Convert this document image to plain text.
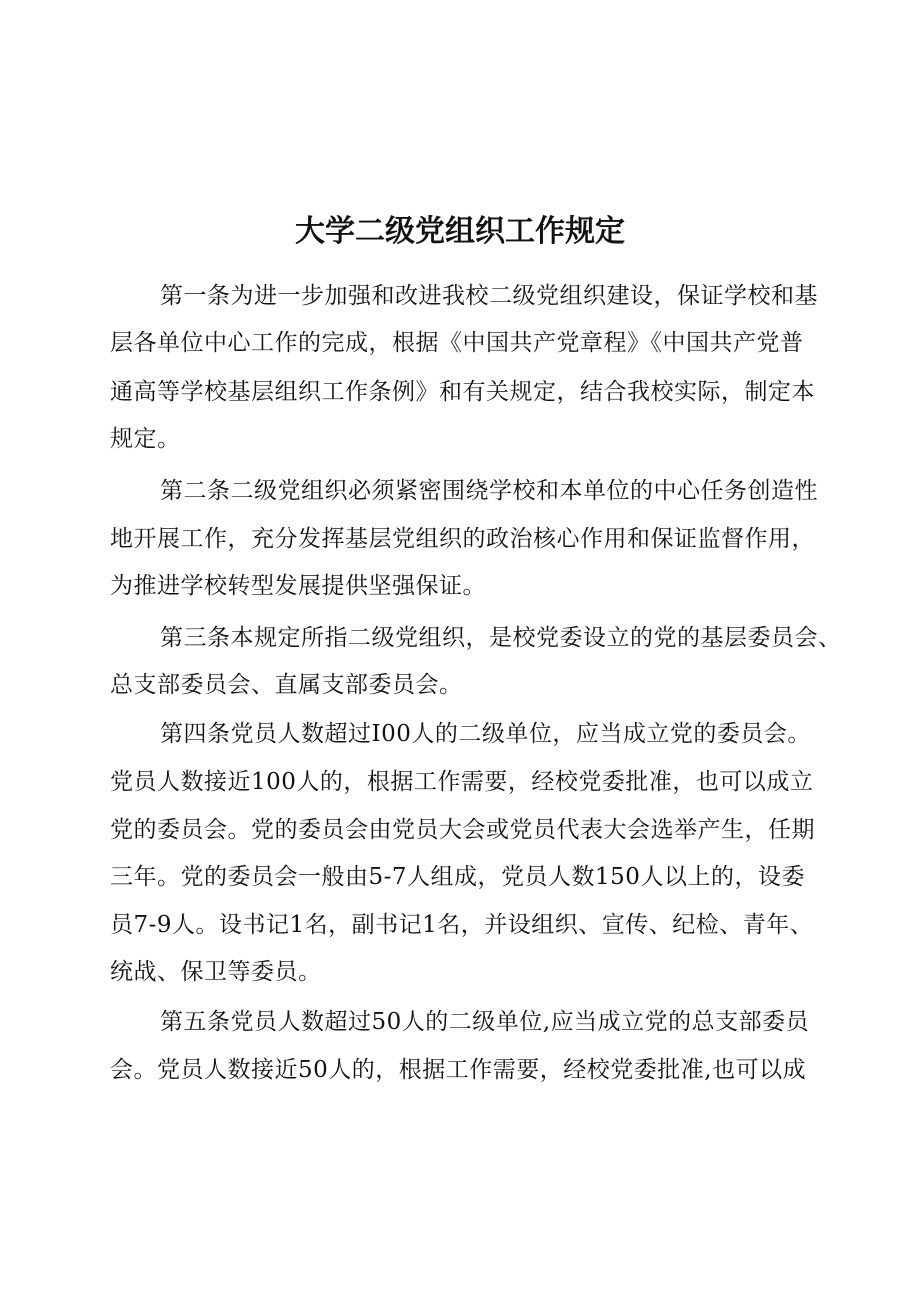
大学二级党组织工作规定
第一条为进一步加强和改进我校二级党组织建设，保证学校和基
层各单位中心工作的完成，根据《中国共产党章程》《中国共产党普
通高等学校基层组织工作条例》和有关规定，结合我校实际，制定本
规定。
第二条二级党组织必须紧密围绕学校和本单位的中心任务创造性
地开展工作，充分发挥基层党组织的政治核心作用和保证监督作用，
为推进学校转型发展提供坚强保证。
第三条本规定所指二级党组织，是校党委设立的党的基层委员会、
总支部委员会、直属支部委员会。
第四条党员人数超过I00人的二级单位，应当成立党的委员会。
党员人数接近100人的，根据工作需要，经校党委批准，也可以成立
党的委员会。党的委员会由党员大会或党员代表大会选举产生，任期
三年。党的委员会一般由5-7人组成，党员人数150人以上的，设委
员7-9人。设书记1名，副书记1名，并设组织、宣传、纪检、青年、
统战、保卫等委员。
第五条党员人数超过50人的二级单位,应当成立党的总支部委员
会。党员人数接近50人的，根据工作需要，经校党委批准,也可以成
